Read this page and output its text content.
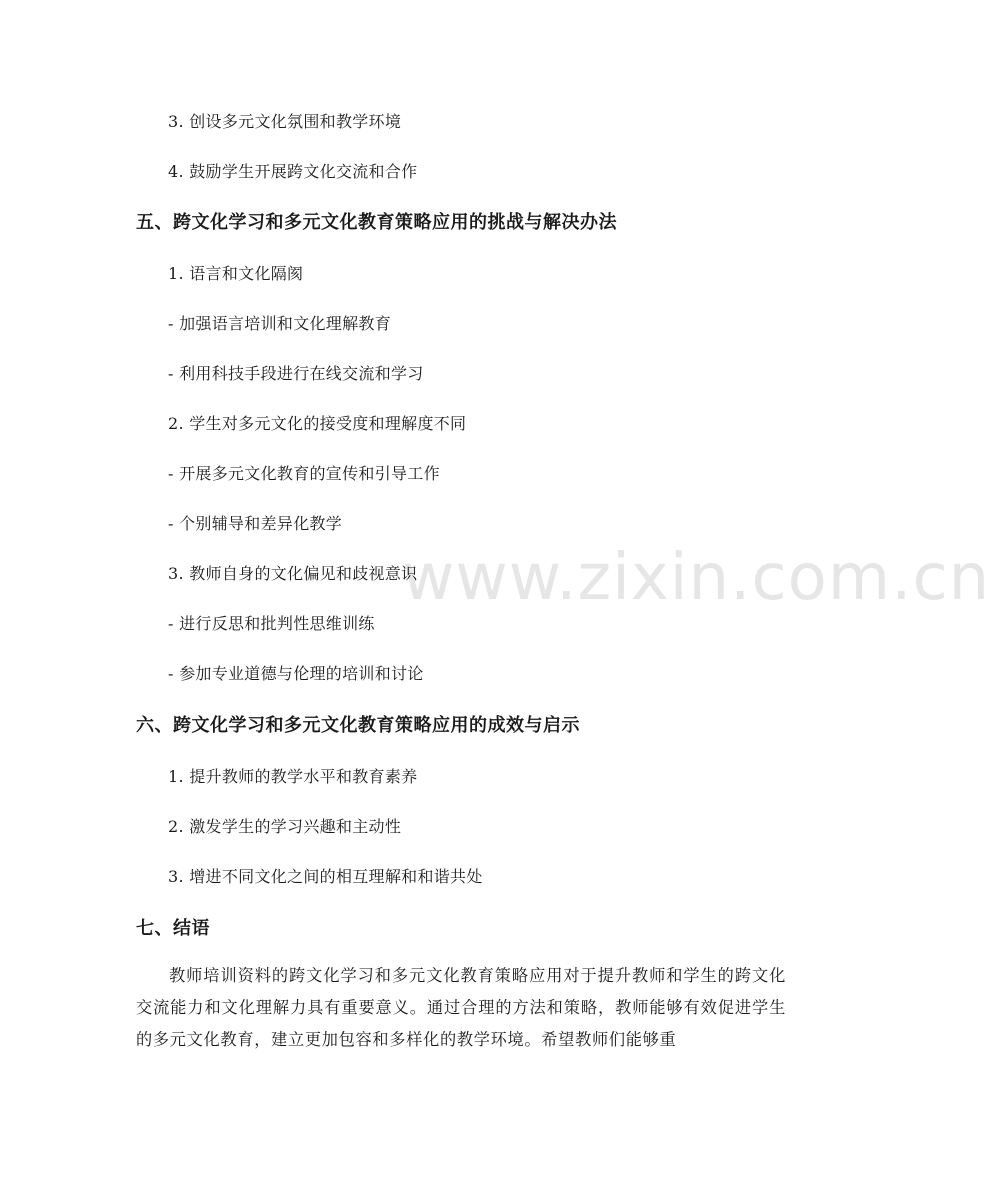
www.zixin.com.cn
3. 创设多元文化氛围和教学环境
4. 鼓励学生开展跨文化交流和合作
五、跨文化学习和多元文化教育策略应用的挑战与解决办法
1. 语言和文化隔阂
- 加强语言培训和文化理解教育
- 利用科技手段进行在线交流和学习
2. 学生对多元文化的接受度和理解度不同
- 开展多元文化教育的宣传和引导工作
- 个别辅导和差异化教学
3. 教师自身的文化偏见和歧视意识
- 进行反思和批判性思维训练
- 参加专业道德与伦理的培训和讨论
六、跨文化学习和多元文化教育策略应用的成效与启示
1. 提升教师的教学水平和教育素养
2. 激发学生的学习兴趣和主动性
3. 增进不同文化之间的相互理解和和谐共处
七、结语
教师培训资料的跨文化学习和多元文化教育策略应用对于提升教师和学生的跨文化交流能力和文化理解力具有重要意义。通过合理的方法和策略，教师能够有效促进学生的多元文化教育，建立更加包容和多样化的教学环境。希望教师们能够重
